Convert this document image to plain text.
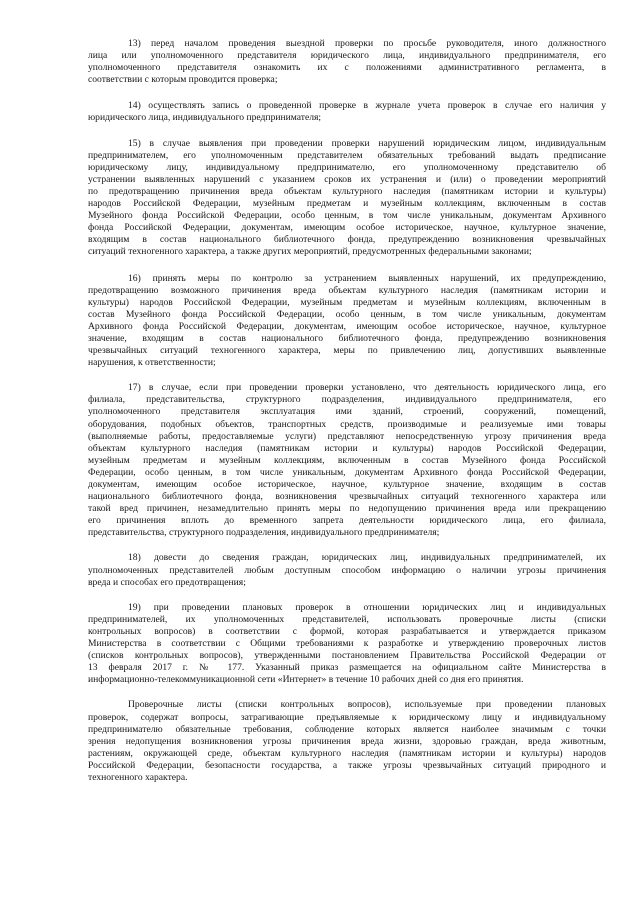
13) перед началом проведения выездной проверки по просьбе руководителя, иного должностного
лица или уполномоченного представителя юридического лица, индивидуального предпринимателя, его
уполномоченного представителя ознакомить их с положениями административного регламента, в
соответствии с которым проводится проверка;
14) осуществлять запись о проведенной проверке в журнале учета проверок в случае его наличия у
юридического лица, индивидуального предпринимателя;
15) в случае выявления при проведении проверки нарушений юридическим лицом, индивидуальным
предпринимателем, его уполномоченным представителем обязательных требований выдать предписание
юридическому лицу, индивидуальному предпринимателю, его уполномоченному представителю об
устранении выявленных нарушений с указанием сроков их устранения и (или) о проведении мероприятий
по предотвращению причинения вреда объектам культурного наследия (памятникам истории и культуры)
народов Российской Федерации, музейным предметам и музейным коллекциям, включенным в состав
Музейного фонда Российской Федерации, особо ценным, в том числе уникальным, документам Архивного
фонда Российской Федерации, документам, имеющим особое историческое, научное, культурное значение,
входящим в состав национального библиотечного фонда, предупреждению возникновения чрезвычайных
ситуаций техногенного характера, а также других мероприятий, предусмотренных федеральными законами;
16) принять меры по контролю за устранением выявленных нарушений, их предупреждению,
предотвращению возможного причинения вреда объектам культурного наследия (памятникам истории и
культуры) народов Российской Федерации, музейным предметам и музейным коллекциям, включенным в
состав Музейного фонда Российской Федерации, особо ценным, в том числе уникальным, документам
Архивного фонда Российской Федерации, документам, имеющим особое историческое, научное, культурное
значение, входящим в состав национального библиотечного фонда, предупреждению возникновения
чрезвычайных ситуаций техногенного характера, меры по привлечению лиц, допустивших выявленные
нарушения, к ответственности;
17) в случае, если при проведении проверки установлено, что деятельность юридического лица, его
филиала, представительства, структурного подразделения, индивидуального предпринимателя, его
уполномоченного представителя эксплуатация ими зданий, строений, сооружений, помещений,
оборудования, подобных объектов, транспортных средств, производимые и реализуемые ими товары
(выполняемые работы, предоставляемые услуги) представляют непосредственную угрозу причинения вреда
объектам культурного наследия (памятникам истории и культуры) народов Российской Федерации,
музейным предметам и музейным коллекциям, включенным в состав Музейного фонда Российской
Федерации, особо ценным, в том числе уникальным, документам Архивного фонда Российской Федерации,
документам, имеющим особое историческое, научное, культурное значение, входящим в состав
национального библиотечного фонда, возникновения чрезвычайных ситуаций техногенного характера или
такой вред причинен, незамедлительно принять меры по недопущению причинения вреда или прекращению
его причинения вплоть до временного запрета деятельности юридического лица, его филиала,
представительства, структурного подразделения, индивидуального предпринимателя;
18) довести до сведения граждан, юридических лиц, индивидуальных предпринимателей, их
уполномоченных представителей любым доступным способом информацию о наличии угрозы причинения
вреда и способах его предотвращения;
19) при проведении плановых проверок в отношении юридических лиц и индивидуальных
предпринимателей, их уполномоченных представителей, использовать проверочные листы (списки
контрольных вопросов) в соответствии с формой, которая разрабатывается и утверждается приказом
Министерства в соответствии с Общими требованиями к разработке и утверждению проверочных листов
(списков контрольных вопросов), утвержденными постановлением Правительства Российской Федерации от
13 февраля 2017 г. № 177. Указанный приказ размещается на официальном сайте Министерства в
информационно-телекоммуникационной сети «Интернет» в течение 10 рабочих дней со дня его принятия.
Проверочные листы (списки контрольных вопросов), используемые при проведении плановых
проверок, содержат вопросы, затрагивающие предъявляемые к юридическому лицу и индивидуальному
предпринимателю обязательные требования, соблюдение которых является наиболее значимым с точки
зрения недопущения возникновения угрозы причинения вреда жизни, здоровью граждан, вреда животным,
растениям, окружающей среде, объектам культурного наследия (памятникам истории и культуры) народов
Российской Федерации, безопасности государства, а также угрозы чрезвычайных ситуаций природного и
техногенного характера.
